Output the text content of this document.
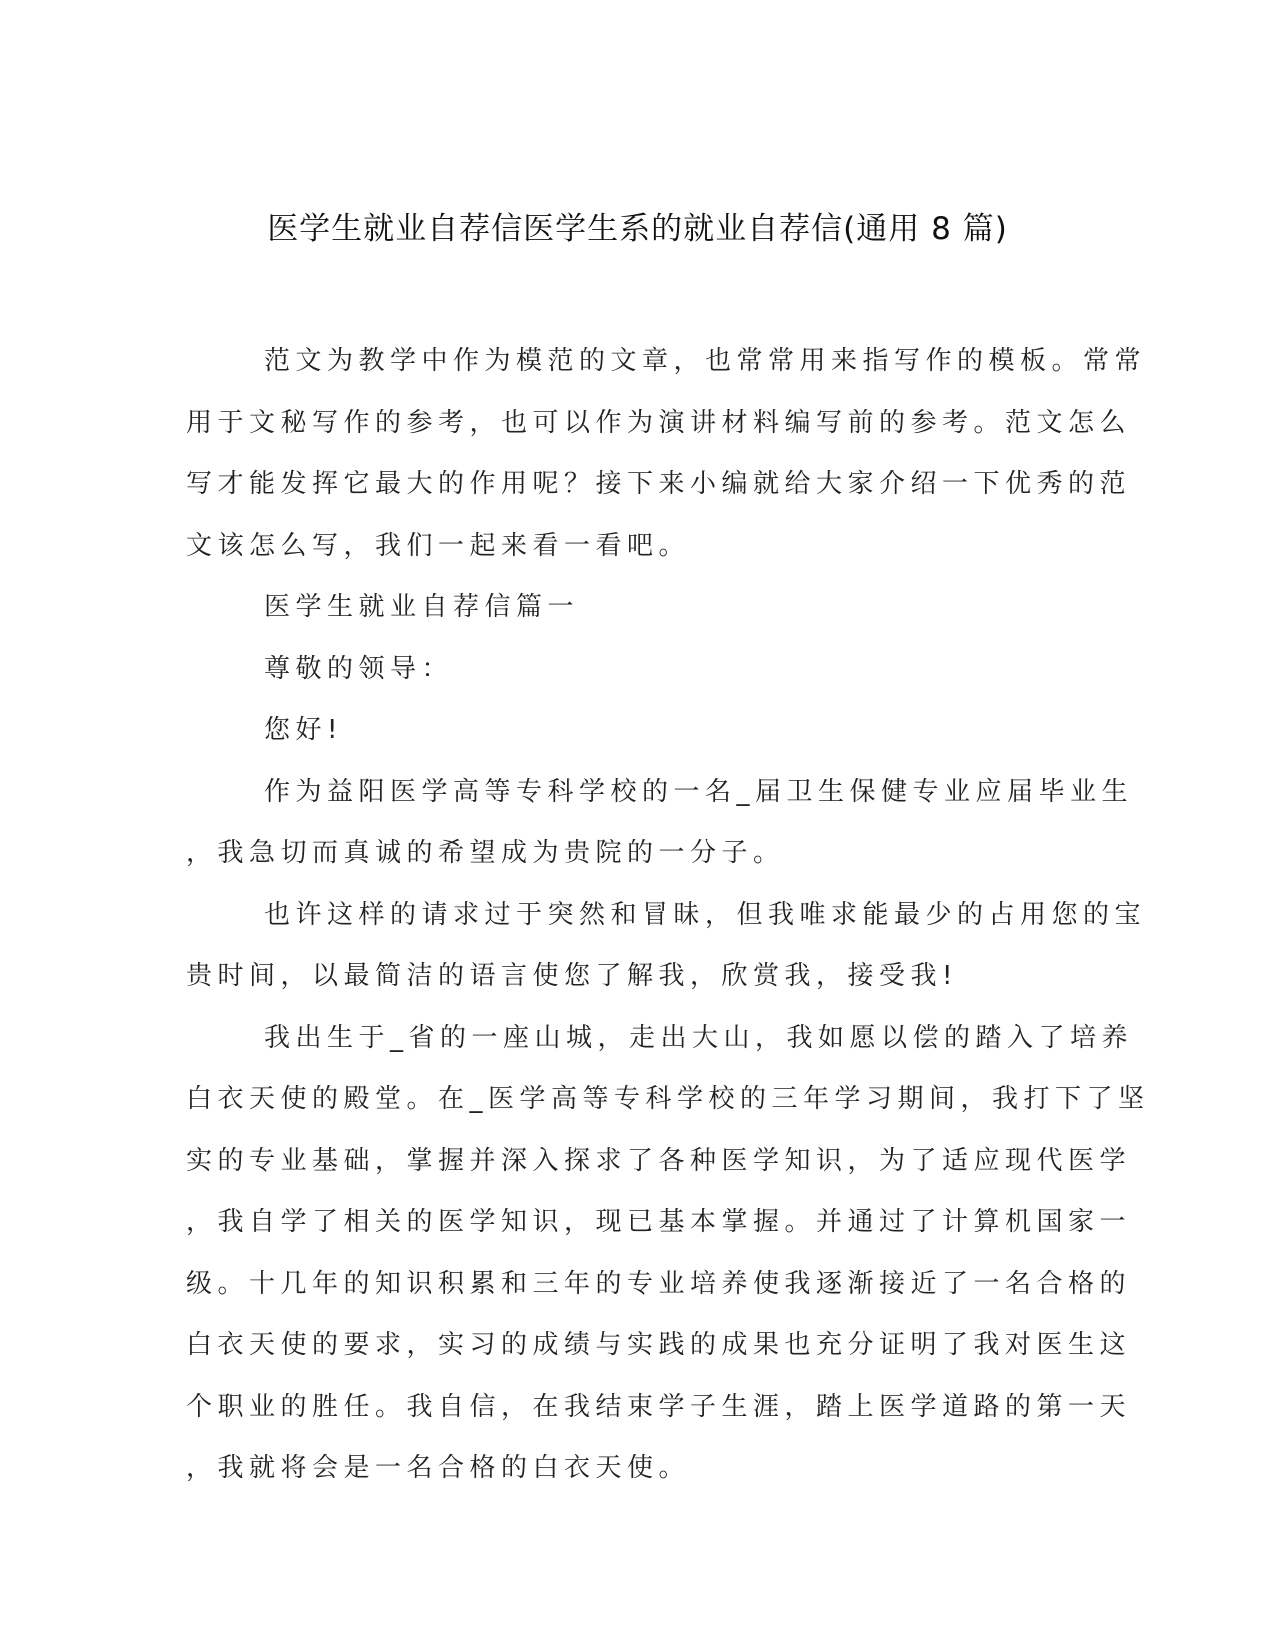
医学生就业自荐信医学生系的就业自荐信(通用 8 篇)
范文为教学中作为模范的文章，也常常用来指写作的模板。常常
用于文秘写作的参考，也可以作为演讲材料编写前的参考。范文怎么
写才能发挥它最大的作用呢？接下来小编就给大家介绍一下优秀的范
文该怎么写，我们一起来看一看吧。
医学生就业自荐信篇一
尊敬的领导：
您好!
作为益阳医学高等专科学校的一名_届卫生保健专业应届毕业生
，我急切而真诚的希望成为贵院的一分子。
也许这样的请求过于突然和冒昧，但我唯求能最少的占用您的宝
贵时间，以最简洁的语言使您了解我，欣赏我，接受我!
我出生于_省的一座山城，走出大山，我如愿以偿的踏入了培养
白衣天使的殿堂。在_医学高等专科学校的三年学习期间，我打下了坚
实的专业基础，掌握并深入探求了各种医学知识，为了适应现代医学
，我自学了相关的医学知识，现已基本掌握。并通过了计算机国家一
级。十几年的知识积累和三年的专业培养使我逐渐接近了一名合格的
白衣天使的要求，实习的成绩与实践的成果也充分证明了我对医生这
个职业的胜任。我自信，在我结束学子生涯，踏上医学道路的第一天
，我就将会是一名合格的白衣天使。
